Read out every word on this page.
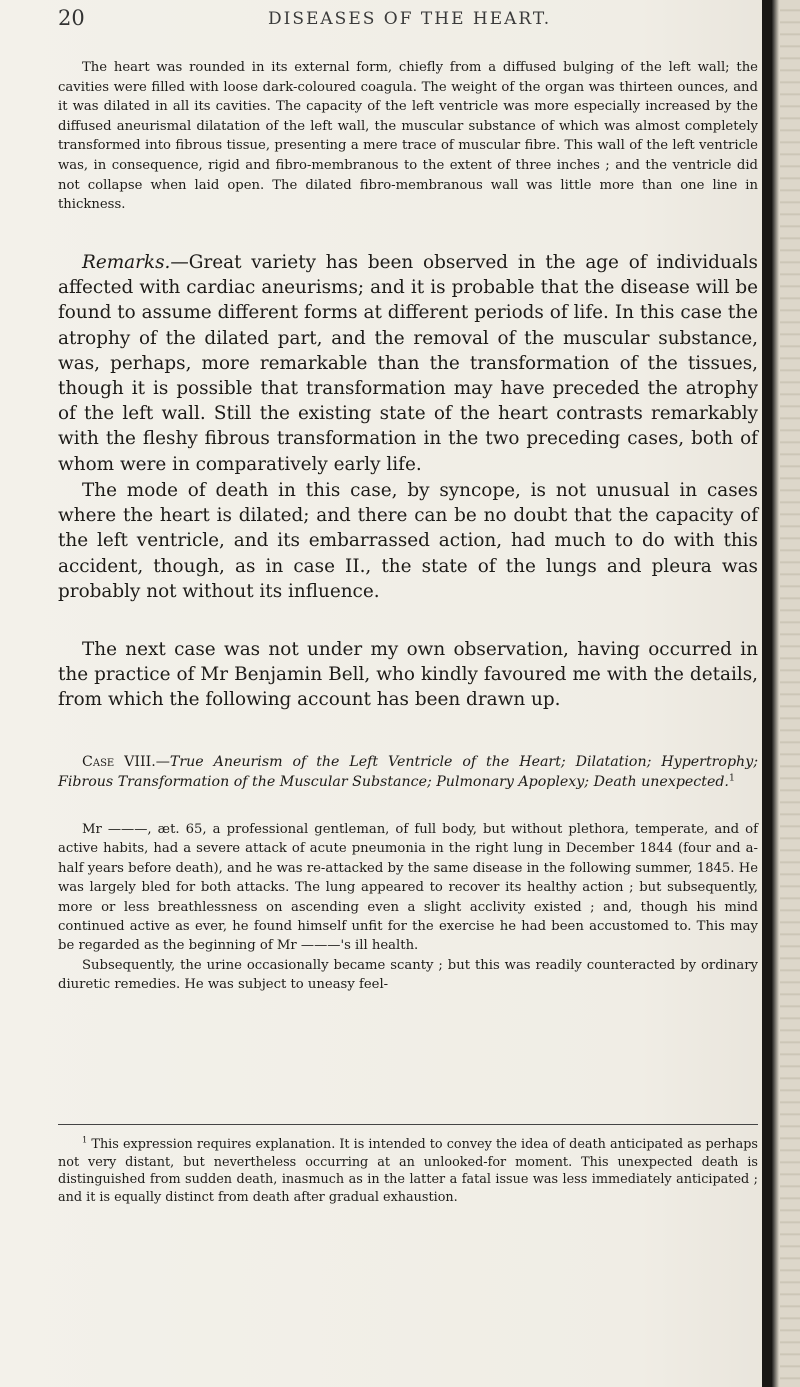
20	DISEASES OF THE HEART.

The heart was rounded in its external form, chiefly from a diffused bulging of the left wall; the cavities were filled with loose dark-coloured coagula. The weight of the organ was thirteen ounces, and it was dilated in all its cavities. The capacity of the left ventricle was more especially increased by the diffused aneurismal dilatation of the left wall, the muscular substance of which was almost completely transformed into fibrous tissue, presenting a mere trace of muscular fibre. This wall of the left ventricle was, in consequence, rigid and fibro-membranous to the extent of three inches ; and the ventricle did not collapse when laid open. The dilated fibro-membranous wall was little more than one line in thickness.

Remarks.—Great variety has been observed in the age of individuals affected with cardiac aneurisms; and it is probable that the disease will be found to assume different forms at different periods of life. In this case the atrophy of the dilated part, and the removal of the muscular substance, was, perhaps, more remarkable than the transformation of the tissues, though it is possible that transformation may have preceded the atrophy of the left wall. Still the existing state of the heart contrasts remarkably with the fleshy fibrous transformation in the two preceding cases, both of whom were in comparatively early life.

The mode of death in this case, by syncope, is not unusual in cases where the heart is dilated; and there can be no doubt that the capacity of the left ventricle, and its embarrassed action, had much to do with this accident, though, as in case II., the state of the lungs and pleura was probably not without its influence.

The next case was not under my own observation, having occurred in the practice of Mr Benjamin Bell, who kindly favoured me with the details, from which the following account has been drawn up.

Case VIII.—True Aneurism of the Left Ventricle of the Heart; Dilatation; Hypertrophy; Fibrous Transformation of the Muscular Substance; Pulmonary Apoplexy; Death unexpected.$^1$

Mr ———, æt. 65, a professional gentleman, of full body, but without plethora, temperate, and of active habits, had a severe attack of acute pneumonia in the right lung in December 1844 (four and a-half years before death), and he was re-attacked by the same disease in the following summer, 1845. He was largely bled for both attacks. The lung appeared to recover its healthy action ; but subsequently, more or less breathlessness on ascending even a slight acclivity existed ; and, though his mind continued active as ever, he found himself unfit for the exercise he had been accustomed to. This may be regarded as the beginning of Mr ———'s ill health.

Subsequently, the urine occasionally became scanty ; but this was readily counteracted by ordinary diuretic remedies. He was subject to uneasy feel-

$^1$ This expression requires explanation. It is intended to convey the idea of death anticipated as perhaps not very distant, but nevertheless occurring at an unlooked-for moment. This unexpected death is distinguished from sudden death, inasmuch as in the latter a fatal issue was less immediately anticipated ; and it is equally distinct from death after gradual exhaustion.
